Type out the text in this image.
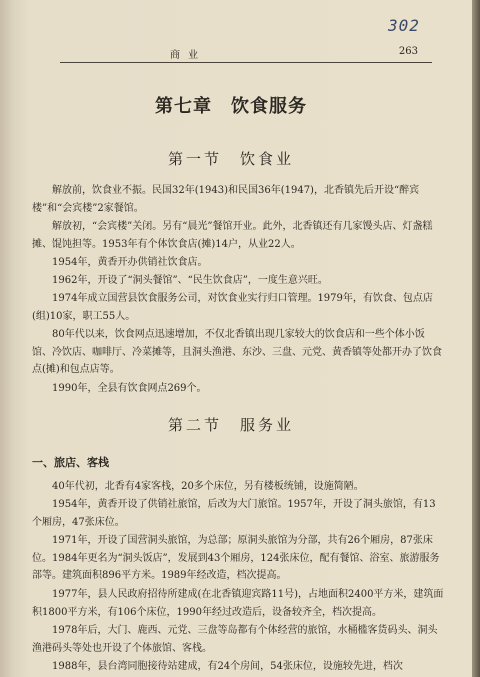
302
商业	263
第七章　饮食服务
第一节　饮食业

解放前，饮食业不振。民国32年(1943)和民国36年(1947)，北香镇先后开设“醉宾楼”和“会宾楼”2家餐馆。

解放初，“会宾楼”关闭。另有“晨光”餐馆开业。此外，北香镇还有几家馒头店、灯盏糕摊、馄饨担等。1953年有个体饮食店(摊)14户，从业22人。

1954年，黄香开办供销社饮食店。

1962年，开设了“洞头餐馆”、“民生饮食店”，一度生意兴旺。

1974年成立国营县饮食服务公司，对饮食业实行归口管理。1979年，有饮食、包点店(组)10家，职工55人。

80年代以来，饮食网点迅速增加，不仅北香镇出现几家较大的饮食店和一些个体小饭馆、冷饮店、咖啡厅、冷菜摊等，且洞头渔港、东沙、三盘、元党、黄香镇等处都开办了饮食点(摊)和包点店等。

1990年，全县有饮食网点269个。

第二节　服务业
一、旅店、客栈

40年代初，北香有4家客栈，20多个床位，另有楼板统铺，设施简陋。

1954年，黄香开设了供销社旅馆，后改为大门旅馆。1957年，开设了洞头旅馆，有13个厢房，47张床位。

1971年，开设了国营洞头旅馆，为总部；原洞头旅馆为分部，共有26个厢房，87张床位。1984年更名为“洞头饭店”，发展到43个厢房，124张床位，配有餐馆、浴室、旅游服务部等。建筑面积896平方米。1989年经改造，档次提高。

1977年，县人民政府招待所建成(在北香镇迎宾路11号)，占地面积2400平方米，建筑面积1800平方米，有106个床位，1990年经过改造后，设备较齐全，档次提高。

1978年后，大门、鹿西、元党、三盘等岛都有个体经营的旅馆，水桶槛客货码头、洞头渔港码头等处也开设了个体旅馆、客栈。

1988年，县台湾同胞接待站建成，有24个房间，54张床位，设施较先进，档次
